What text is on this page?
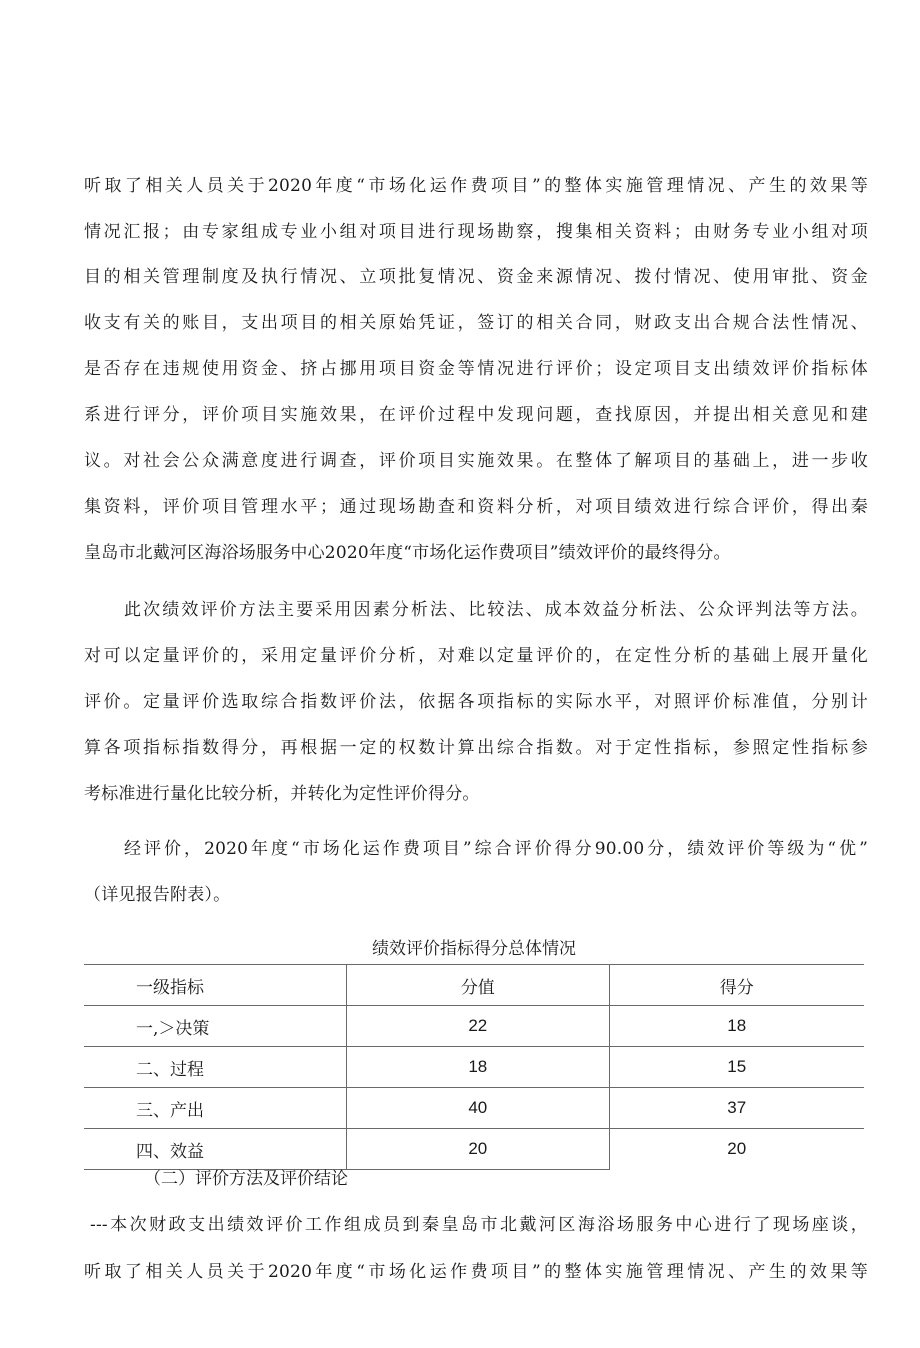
听取了相关人员关于2020年度“市场化运作费项目”的整体实施管理情况、产生的效果等
情况汇报；由专家组成专业小组对项目进行现场勘察，搜集相关资料；由财务专业小组对项
目的相关管理制度及执行情况、立项批复情况、资金来源情况、拨付情况、使用审批、资金
收支有关的账目，支出项目的相关原始凭证，签订的相关合同，财政支出合规合法性情况、
是否存在违规使用资金、挤占挪用项目资金等情况进行评价；设定项目支出绩效评价指标体
系进行评分，评价项目实施效果，在评价过程中发现问题，查找原因，并提出相关意见和建
议。对社会公众满意度进行调查，评价项目实施效果。在整体了解项目的基础上，进一步收
集资料，评价项目管理水平；通过现场勘查和资料分析，对项目绩效进行综合评价，得出秦
皇岛市北戴河区海浴场服务中心2020年度“市场化运作费项目”绩效评价的最终得分。
此次绩效评价方法主要采用因素分析法、比较法、成本效益分析法、公众评判法等方法。
对可以定量评价的，采用定量评价分析，对难以定量评价的，在定性分析的基础上展开量化
评价。定量评价选取综合指数评价法，依据各项指标的实际水平，对照评价标准值，分别计
算各项指标指数得分，再根据一定的权数计算出综合指数。对于定性指标，参照定性指标参
考标准进行量化比较分析，并转化为定性评价得分。
经评价，2020年度“市场化运作费项目”综合评价得分90.00分，绩效评价等级为“优”
（详见报告附表）。
绩效评价指标得分总体情况
一级指标	分值	得分
一,＞决策	22	18
二、过程	18	15
三、产出	40	37
四、效益	20	20
（二）评价方法及评价结论
---本次财政支出绩效评价工作组成员到秦皇岛市北戴河区海浴场服务中心进行了现场座谈，
听取了相关人员关于2020年度“市场化运作费项目”的整体实施管理情况、产生的效果等
